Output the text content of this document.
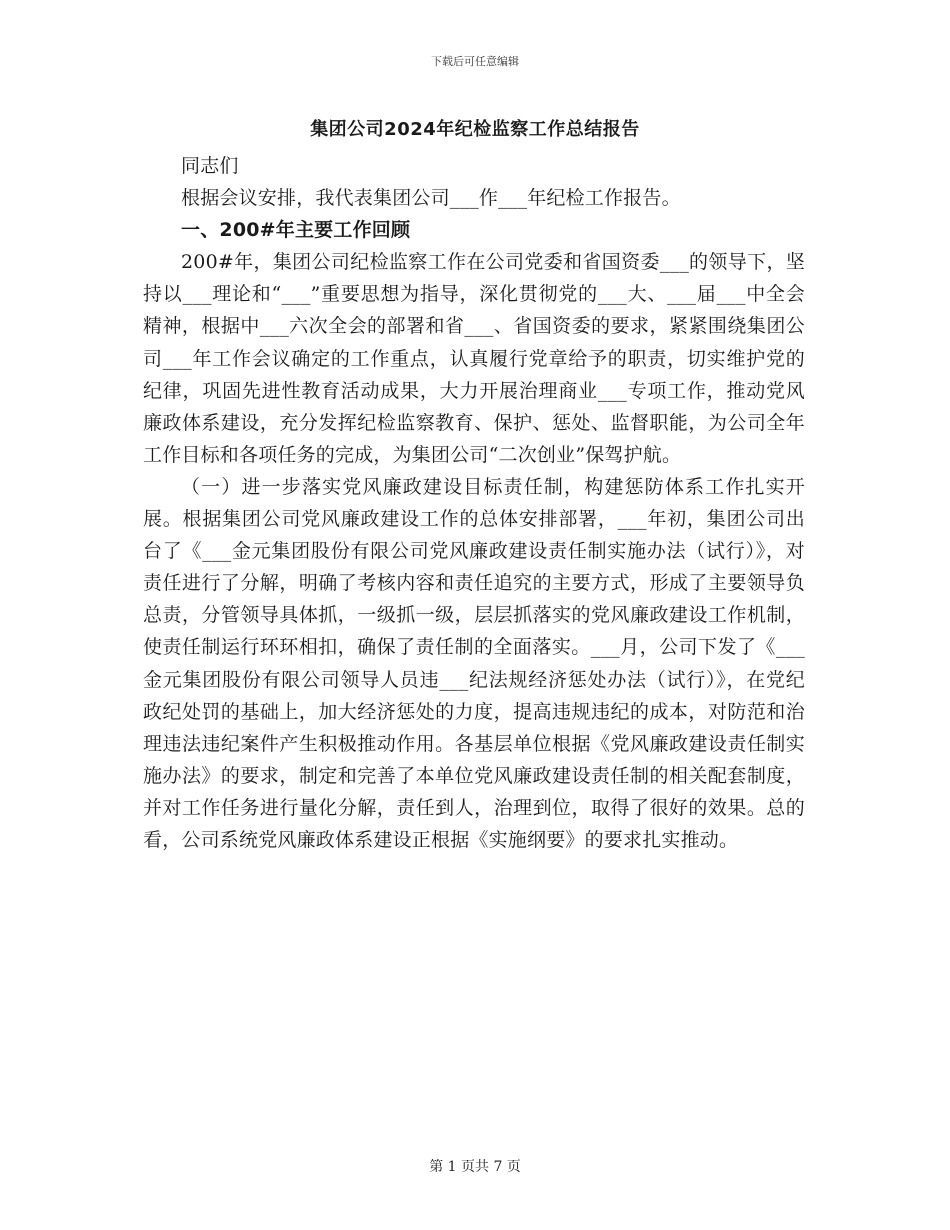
下载后可任意编辑
集团公司2024年纪检监察工作总结报告

同志们

根据会议安排，我代表集团公司___作___年纪检工作报告。

一、200#年主要工作回顾

200#年，集团公司纪检监察工作在公司党委和省国资委___的领导下，坚持以___理论和“___”重要思想为指导，深化贯彻党的___大、___届___中全会精神，根据中___六次全会的部署和省___、省国资委的要求，紧紧围绕集团公司___年工作会议确定的工作重点，认真履行党章给予的职责，切实维护党的纪律，巩固先进性教育活动成果，大力开展治理商业___专项工作，推动党风廉政体系建设，充分发挥纪检监察教育、保护、惩处、监督职能，为公司全年工作目标和各项任务的完成，为集团公司“二次创业”保驾护航。

（一）进一步落实党风廉政建设目标责任制，构建惩防体系工作扎实开展。根据集团公司党风廉政建设工作的总体安排部署，___年初，集团公司出台了《___金元集团股份有限公司党风廉政建设责任制实施办法（试行）》，对责任进行了分解，明确了考核内容和责任追究的主要方式，形成了主要领导负总责，分管领导具体抓，一级抓一级，层层抓落实的党风廉政建设工作机制，使责任制运行环环相扣，确保了责任制的全面落实。___月，公司下发了《___金元集团股份有限公司领导人员违___纪法规经济惩处办法（试行）》，在党纪政纪处罚的基础上，加大经济惩处的力度，提高违规违纪的成本，对防范和治理违法违纪案件产生积极推动作用。各基层单位根据《党风廉政建设责任制实施办法》的要求，制定和完善了本单位党风廉政建设责任制的相关配套制度，并对工作任务进行量化分解，责任到人，治理到位，取得了很好的效果。总的看，公司系统党风廉政体系建设正根据《实施纲要》的要求扎实推动。

第 1 页共 7 页
